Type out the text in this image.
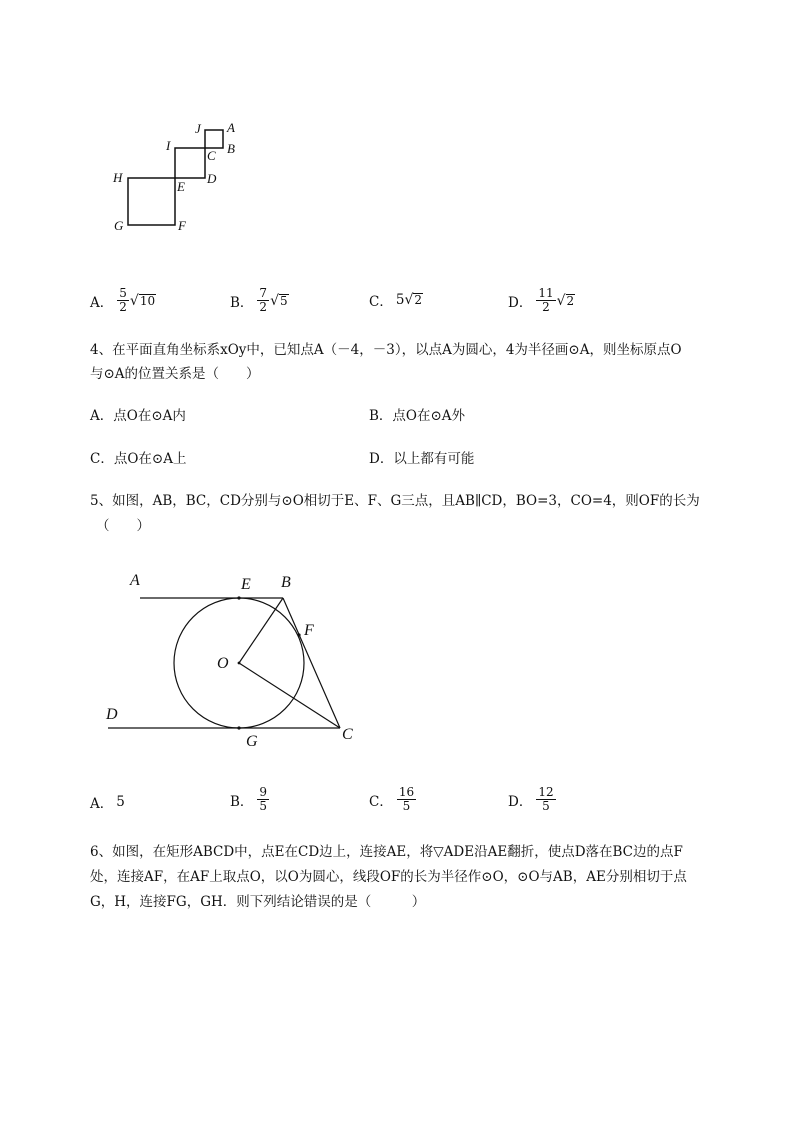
J A
I
C B
H
E
D
G	F
A． $\frac{5}{2}$ √ 10	B． $\frac{7}{2}$ √ 5	C． 5 √ 2	D． $\frac{11}{2}$ √ 2
4、在平面直角坐标系xOy中，已知点A（－4，－3），以点A为圆心，4为半径画⊙A，则坐标原点O
与⊙A的位置关系是（　　）
A．点O在⊙A内	B．点O在⊙A外
C．点O在⊙A上	D．以上都有可能
5、如图，AB，BC，CD分别与⊙O相切于E、F、G三点，且AB∥CD，BO=3，CO=4，则OF的长为
（　　）
A	E B
F
O
D
G	C
A． 5	B． $\frac{9}{5}$	C． $\frac{16}{5}$	D． $\frac{12}{5}$
6、如图，在矩形ABCD中，点E在CD边上，连接AE，将▽ADE沿AE翻折，使点D落在BC边的点F
处，连接AF，在AF上取点O，以O为圆心，线段OF的长为半径作⊙O，⊙O与AB，AE分别相切于点
G，H，连接FG，GH．则下列结论错误的是（　　　）
